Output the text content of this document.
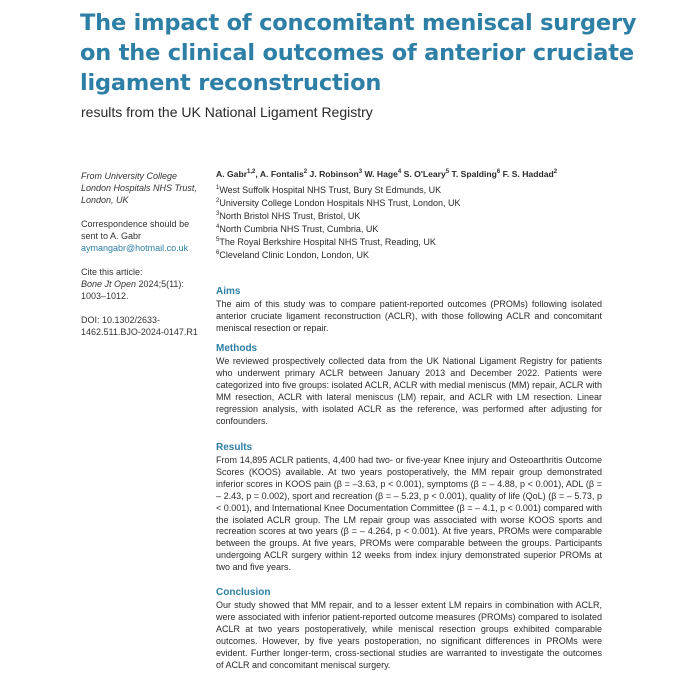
The impact of concomitant meniscal surgery on the clinical outcomes of anterior cruciate ligament reconstruction
results from the UK National Ligament Registry
From University College London Hospitals NHS Trust, London, UK
Correspondence should be sent to A. Gabr aymangabr@hotmail.co.uk
Cite this article:
Bone Jt Open 2024;5(11): 1003–1012.
DOI: 10.1302/2633-1462.511.BJO-2024-0147.R1
A. Gabr$^{1,2}$, A. Fontalis$^2$ J. Robinson$^3$ W. Hage$^4$ S. O'Leary$^5$ T. Spalding$^6$ F. S. Haddad$^2$
$^1$West Suffolk Hospital NHS Trust, Bury St Edmunds, UK
$^2$University College London Hospitals NHS Trust, London, UK
$^3$North Bristol NHS Trust, Bristol, UK
$^4$North Cumbria NHS Trust, Cumbria, UK
$^5$The Royal Berkshire Hospital NHS Trust, Reading, UK
$^6$Cleveland Clinic London, London, UK
Aims

The aim of this study was to compare patient-reported outcomes (PROMs) following isolated anterior cruciate ligament reconstruction (ACLR), with those following ACLR and concomitant meniscal resection or repair.

Methods

We reviewed prospectively collected data from the UK National Ligament Registry for patients who underwent primary ACLR between January 2013 and December 2022. Patients were categorized into five groups: isolated ACLR, ACLR with medial meniscus (MM) repair, ACLR with MM resection, ACLR with lateral meniscus (LM) repair, and ACLR with LM resection. Linear regression analysis, with isolated ACLR as the reference, was performed after adjusting for confounders.

Results

From 14,895 ACLR patients, 4,400 had two- or five-year Knee injury and Osteoarthritis Outcome Scores (KOOS) available. At two years postoperatively, the MM repair group demonstrated inferior scores in KOOS pain (β = –3.63, p < 0.001), symptoms (β = – 4.88, p < 0.001), ADL (β = – 2.43, p = 0.002), sport and recreation (β = – 5.23, p < 0.001), quality of life (QoL) (β = – 5.73, p < 0.001), and International Knee Documentation Committee (β = – 4.1, p < 0.001) compared with the isolated ACLR group. The LM repair group was associated with worse KOOS sports and recreation scores at two years (β = – 4.264, p < 0.001). At five years, PROMs were comparable between the groups. At five years, PROMs were comparable between the groups. Participants undergoing ACLR surgery within 12 weeks from index injury demonstrated superior PROMs at two and five years.

Conclusion

Our study showed that MM repair, and to a lesser extent LM repairs in combination with ACLR, were associated with inferior patient-reported outcome measures (PROMs) compared to isolated ACLR at two years postoperatively, while meniscal resection groups exhibited comparable outcomes. However, by five years postoperation, no significant differences in PROMs were evident. Further longer-term, cross-sectional studies are warranted to investigate the outcomes of ACLR and concomitant meniscal surgery.
